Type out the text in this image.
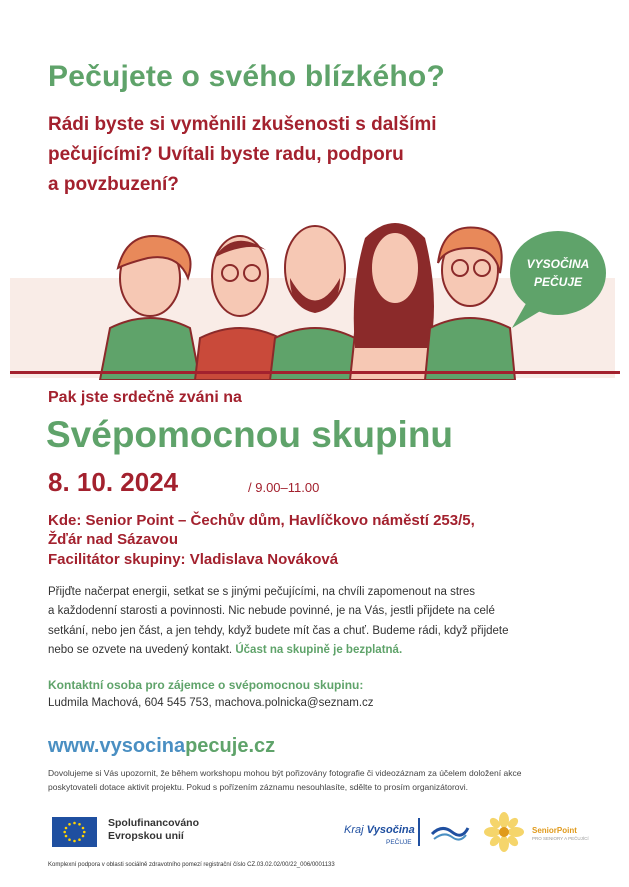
Pečujete o svého blízkého?
Rádi byste si vyměnili zkušenosti s dalšími
pečujícími? Uvítali byste radu, podporu
a povzbuzení?
VYSOČINA
PEČUJE
Pak jste srdečně zváni na
Svépomocnou skupinu
8. 10. 2024	/ 9.00–11.00
Kde: Senior Point – Čechův dům, Havlíčkovo náměstí 253/5,
Žďár nad Sázavou
Facilitátor skupiny: Vladislava Nováková
Přijďte načerpat energii, setkat se s jinými pečujícími, na chvíli zapomenout na stres
a každodenní starosti a povinnosti. Nic nebude povinné, je na Vás, jestli přijdete na celé
setkání, nebo jen část, a jen tehdy, když budete mít čas a chuť. Budeme rádi, když přijdete
nebo se ozvete na uvedený kontakt. Účast na skupině je bezplatná.
Kontaktní osoba pro zájemce o svépomocnou skupinu:
Ludmila Machová, 604 545 753, machova.polnicka@seznam.cz
www.vysocinapecuje.cz
Dovolujeme si Vás upozornit, že během workshopu mohou být pořizovány fotografie či videozáznam za účelem doložení akce
poskytovateli dotace aktivit projektu. Pokud s pořízením záznamu nesouhlasíte, sdělte to prosím organizátorovi.
Spolufinancováno
Evropskou unií	Kraj Vysočina
PEČUJE
SeniorPoint
PRO SENIORY A PEČUJÍCÍ
Komplexní podpora v oblasti sociálně zdravotního pomezí registrační číslo CZ.03.02.02/00/22_006/0001133
